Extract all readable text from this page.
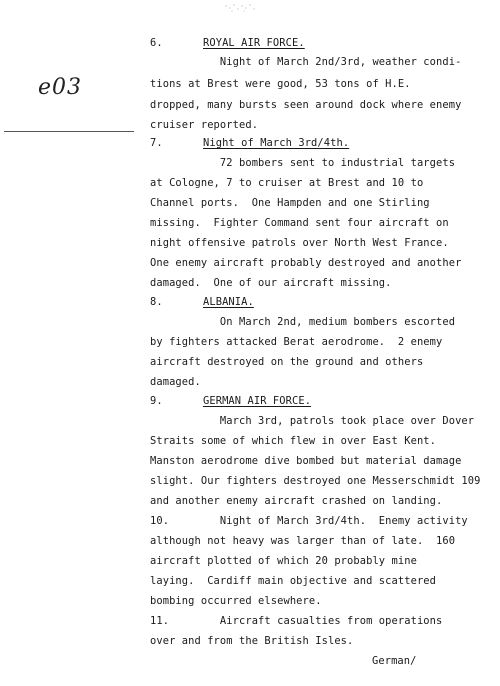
e03
6.	ROYAL AIR FORCE.
Night of March 2nd/3rd, weather condi-
tions at Brest were good, 53 tons of H.E.
dropped, many bursts seen around dock where enemy
cruiser reported.
7.	Night of March 3rd/4th.
72 bombers sent to industrial targets
at Cologne, 7 to cruiser at Brest and 10 to
Channel ports.  One Hampden and one Stirling
missing.  Fighter Command sent four aircraft on
night offensive patrols over North West France.
One enemy aircraft probably destroyed and another
damaged.  One of our aircraft missing.
8.	ALBANIA.
On March 2nd, medium bombers escorted
by fighters attacked Berat aerodrome.  2 enemy
aircraft destroyed on the ground and others
damaged.
9.	GERMAN AIR FORCE.
March 3rd, patrols took place over Dover
Straits some of which flew in over East Kent.
Manston aerodrome dive bombed but material damage
slight. Our fighters destroyed one Messerschmidt 109
and another enemy aircraft crashed on landing.
10.        Night of March 3rd/4th.  Enemy activity
although not heavy was larger than of late.  160
aircraft plotted of which 20 probably mine
laying.  Cardiff main objective and scattered
bombing occurred elsewhere.
11.        Aircraft casualties from operations
over and from the British Isles.
German/
